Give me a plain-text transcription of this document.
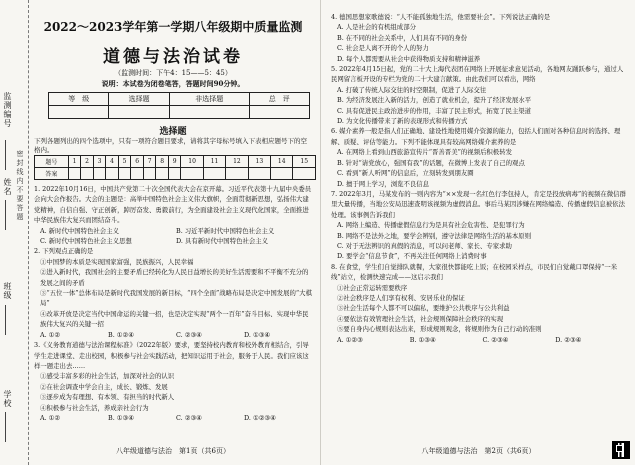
监测编号
姓名
班级
学校
密封线内不要答题
2022～2023学年第一学期八年级期中质量监测
道德与法治试卷
（监测时间：下午4：15——5：45）
说明：本试卷为闭卷笔答，答题时间90分钟。
等　级	选择题	非选择题	总　评

选择题
下列各题列出的四个选项中，只有一项符合题目要求，请将其字母标号填入下表相应题号下的空格内。
题号	1	2	3	4	5	6	7	8	9	10	11	12	13	14	15
答案															

1. 2022年10月16日，中国共产党第二十次全国代表大会在京开幕。习近平代表第十九届中央委员会向大会作报告。大会的主题是：高举中国特色社会主义伟大旗帜，全面贯彻新思想，弘扬伟大建党精神，自信自强、守正创新，踔厉奋发、勇毅前行，为全面建设社会主义现代化国家，全面推进中华民族伟大复兴而团结奋斗。

A. 新时代中国特色社会主义	B. 习近平新时代中国特色社会主义
C. 新时代中国特色社会主义思想	D. 具有新时代中国特色社会主义

2. 下列观点正确的是

①中国梦的本质是实现国家富强，民族振兴，人民幸福

②进入新时代，我国社会的主要矛盾已经转化为人民日益增长的美好生活需要和不平衡不充分的发展之间的矛盾

③“五位一体”总体布局是新时代我国发展的新目标，“四个全面”战略布局是决定中国发展的“大棋局”

④改革开放是决定当代中国命运的关键一招，也是决定实现“两个一百年”奋斗目标、实现中华民族伟大复兴的关键一招

A. ①②	B. ①②④	C. ②③④	D. ①③④

3.《义务教育道德与法治课程标准》（2022年版）要求，要坚持校内教育和校外教育相结合，引导学生走进课堂、走出校园，积极参与社会实践活动，把知识运用于社会，服务于人民。我们应该这样一题走出去……

①感受丰富多彩的社会生活，加深对社会的认识

②在社会调查中学会自主，成长、锻炼、发展

③逐步成为有理想、有本领、有担当的时代新人

④积极参与社会生活，养成亲社会行为

A. ①②	B. ①③④	C. ②③④	D. ①②③④
八年级道德与法治　第1页（共6页）

4. 德国思想家歌德说：“人不能孤独地生活，他需要社会”。下列说法正确的是

A. 人是社会的有机组成部分

B. 在不同的社会关系中，人们具有不同的身份

C. 社会是人离不开的个人的努力

D. 每个人都需要从社会中获得物质支持和精神滋养

5. 2022年4月15日起，党的二十大上海代表团在网络上开展征求意见活动，各地网友踊跃参与，通过人民网留言板开设的专栏为党的二十大建言献策。由此我们可以看出，网络

A. 打破了传统人际交往的时空限制，促进了人际交往

B. 为经济发展注入新的活力，创造了就业机会，提升了经济发展水平

C. 具有促进民主政治进步的作用，丰富了民主形式，拓宽了民主渠道

D. 为文化传播带来了新的表现形式和传播方式

6. 媒介素养一般是指人们正确地、建设性地使用媒介资源的能力，包括人们面对各种信息时的选择、理解、质疑、评估等能力。下列不能体现具有较高网络媒介素养的是

A. 在网络上看到山西旅游宣传片“晋善晋美”的视频后积极转发

B. 针对“请党放心，强国有我”的话题，在微博上发表了自己的观点

C. 看到“新人听网”的信息后，立刻转发到朋友圈

D. 擅于网上学习，浏览不良信息

7. 2022年3月，马某发布的一则内容为“××发现一名红色行李包持人，肯定是投放病毒”的视频在微信群里大量传播，当地公安局迅速查明该视频为虚假消息。事后马某因涉嫌在网络编造、传播虚假信息被依法处理。该事例告诉我们

A. 网络上编造、传播虚假信息行为是具有社会危害性、是犯罪行为

B. 网络不是法外之地，要学会辨别，遵守法律是网络生活的基本原则

C. 对于无法辨识的真假的消息，可以问老师、家长、专家求助

D. 要学会“信息节食”，不再关注任何网络上消费时事

8. 在食堂，学生们自觉排队就餐，大家很快都能吃上饭；在校园采样点，市民们自觉戴口罩保持“一米线”站立，检测快速完成——这启示我们

①社会正常运转需要秩序

②社会秩序是人们享有权利、安居乐业的保证

③社会生活每个人都不可以偏私，要维护公共秩序与公共利益

④要依法有效管理社会生活，社会规则保障社会秩序的实现

⑤要自身内心规则表达出来，形成规则观念，将规则作为自己行动的准则

A. ①②③	B. ①③④	C. ②③④	D. ②③④
八年级道德与法治　第2页（共6页）
